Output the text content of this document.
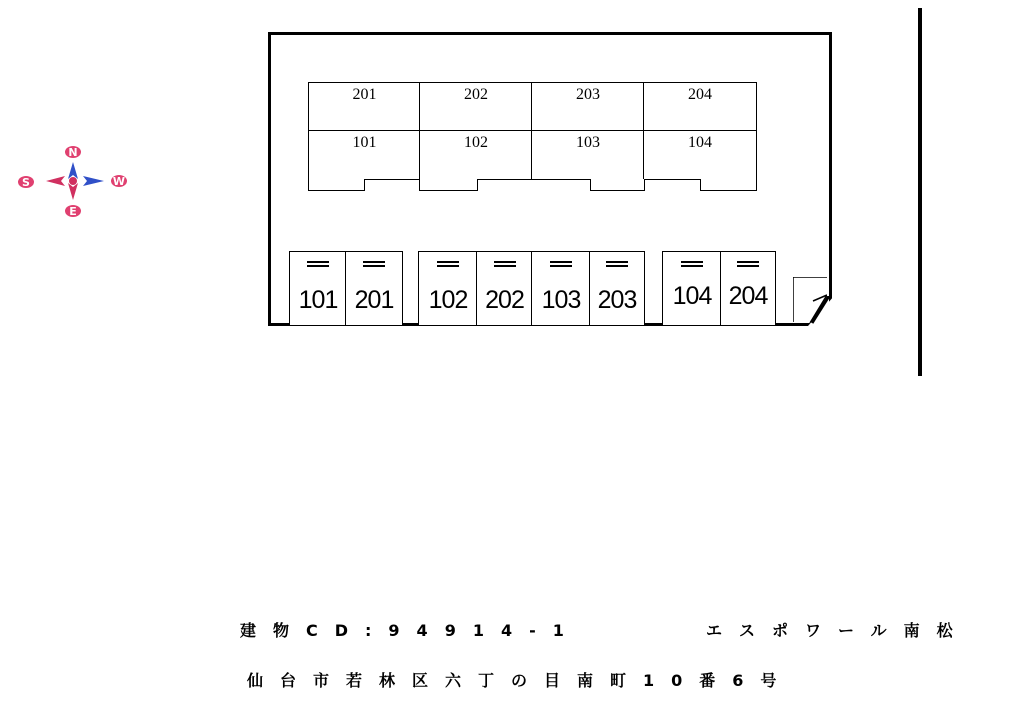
N
S
E
W
201	202	203	204
101	102	103	104
101 201	102 202 103 203	104 204
建物CD:94914-1	エスポワール南松
仙台市若林区六丁の目南町10番6号
